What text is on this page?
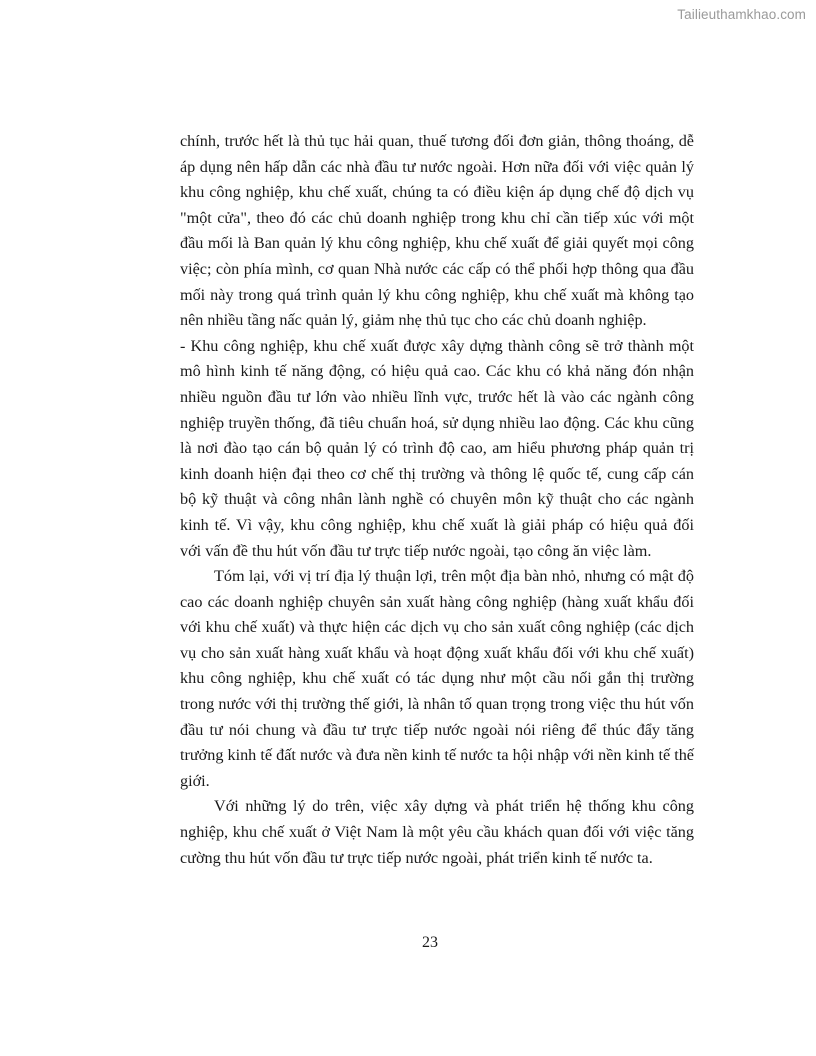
Tailieuthamkhao.com
chính, trước hết là thủ tục hải quan, thuế tương đối đơn giản, thông thoáng, dễ
áp dụng nên hấp dẫn các nhà đầu tư nước ngoài. Hơn nữa đối với việc quản lý
khu công nghiệp, khu chế xuất, chúng ta có điều kiện áp dụng chế độ dịch vụ
"một cửa", theo đó các chủ doanh nghiệp trong khu chỉ cần tiếp xúc với một
đầu mối là Ban quản lý khu công nghiệp, khu chế xuất để giải quyết mọi công
việc; còn phía mình, cơ quan Nhà nước các cấp có thể phối hợp thông qua đầu
mối này trong quá trình quản lý khu công nghiệp, khu chế xuất mà không tạo
nên nhiều tầng nấc quản lý, giảm nhẹ thủ tục cho các chủ doanh nghiệp.
- Khu công nghiệp, khu chế xuất được xây dựng thành công sẽ trở thành một
mô hình kinh tế năng động, có hiệu quả cao. Các khu có khả năng đón nhận
nhiều nguồn đầu tư lớn vào nhiều lĩnh vực, trước hết là vào các ngành công
nghiệp truyền thống, đã tiêu chuẩn hoá, sử dụng nhiều lao động. Các khu cũng
là nơi đào tạo cán bộ quản lý có trình độ cao, am hiểu phương pháp quản trị
kinh doanh hiện đại theo cơ chế thị trường và thông lệ quốc tế, cung cấp cán
bộ kỹ thuật và công nhân lành nghề có chuyên môn kỹ thuật cho các ngành
kinh tế. Vì vậy, khu công nghiệp, khu chế xuất là giải pháp có hiệu quả đối
với vấn đề thu hút vốn đầu tư trực tiếp nước ngoài, tạo công ăn việc làm.
Tóm lại, với vị trí địa lý thuận lợi, trên một địa bàn nhỏ, nhưng có mật độ
cao các doanh nghiệp chuyên sản xuất hàng công nghiệp (hàng xuất khẩu đối
với khu chế xuất) và thực hiện các dịch vụ cho sản xuất công nghiệp (các dịch
vụ cho sản xuất hàng xuất khẩu và hoạt động xuất khẩu đối với khu chế xuất)
khu công nghiệp, khu chế xuất có tác dụng như một cầu nối gắn thị trường
trong nước với thị trường thế giới, là nhân tố quan trọng trong việc thu hút vốn
đầu tư nói chung và đầu tư trực tiếp nước ngoài nói riêng để thúc đẩy tăng
trưởng kinh tế đất nước và đưa nền kinh tế nước ta hội nhập với nền kinh tế thế
giới.
Với những lý do trên, việc xây dựng và phát triển hệ thống khu công
nghiệp, khu chế xuất ở Việt Nam là một yêu cầu khách quan đối với việc tăng
cường thu hút vốn đầu tư trực tiếp nước ngoài, phát triển kinh tế nước ta.
23
